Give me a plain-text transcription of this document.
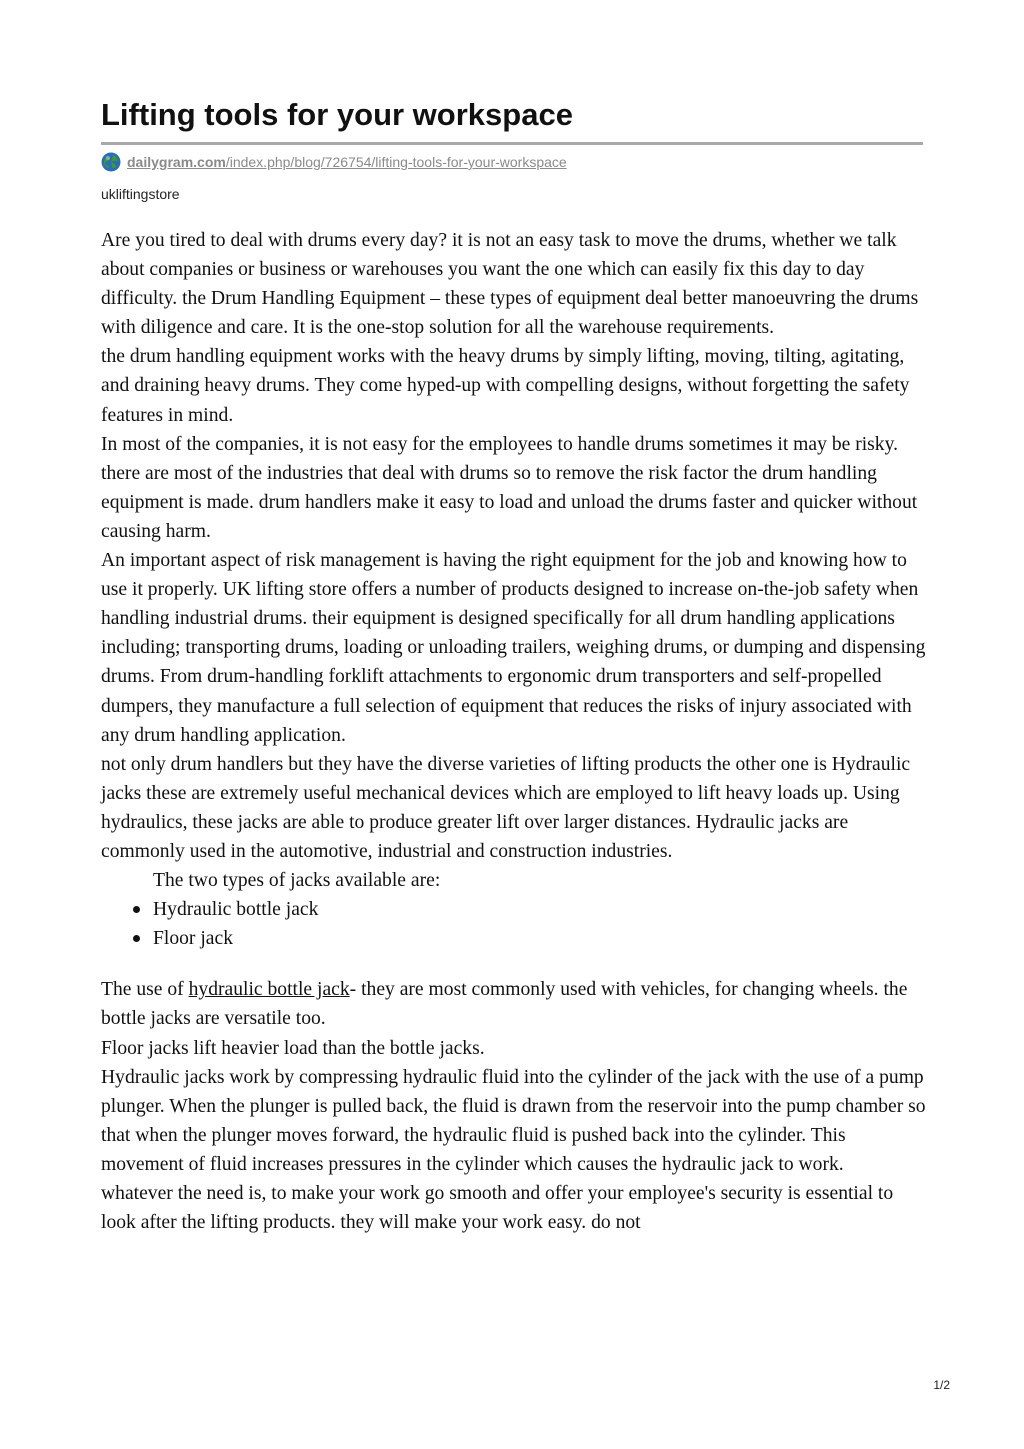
Lifting tools for your workspace
dailygram.com/index.php/blog/726754/lifting-tools-for-your-workspace
ukliftingstore

Are you tired to deal with drums every day? it is not an easy task to move the drums, whether we talk about companies or business or warehouses you want the one which can easily fix this day to day difficulty. the Drum Handling Equipment – these types of equipment deal better manoeuvring the drums with diligence and care. It is the one-stop solution for all the warehouse requirements.

the drum handling equipment works with the heavy drums by simply lifting, moving, tilting, agitating, and draining heavy drums. They come hyped-up with compelling designs, without forgetting the safety features in mind.

In most of the companies, it is not easy for the employees to handle drums sometimes it may be risky. there are most of the industries that deal with drums so to remove the risk factor the drum handling equipment is made. drum handlers make it easy to load and unload the drums faster and quicker without causing harm.

An important aspect of risk management is having the right equipment for the job and knowing how to use it properly. UK lifting store offers a number of products designed to increase on-the-job safety when handling industrial drums. their equipment is designed specifically for all drum handling applications including; transporting drums, loading or unloading trailers, weighing drums, or dumping and dispensing drums. From drum-handling forklift attachments to ergonomic drum transporters and self-propelled dumpers, they manufacture a full selection of equipment that reduces the risks of injury associated with any drum handling application.

not only drum handlers but they have the diverse varieties of lifting products the other one is Hydraulic jacks these are extremely useful mechanical devices which are employed to lift heavy loads up. Using hydraulics, these jacks are able to produce greater lift over larger distances. Hydraulic jacks are commonly used in the automotive, industrial and construction industries.

The two types of jacks available are:

Hydraulic bottle jack
Floor jack

The use of hydraulic bottle jack- they are most commonly used with vehicles, for changing wheels. the bottle jacks are versatile too.

Floor jacks lift heavier load than the bottle jacks.

Hydraulic jacks work by compressing hydraulic fluid into the cylinder of the jack with the use of a pump plunger. When the plunger is pulled back, the fluid is drawn from the reservoir into the pump chamber so that when the plunger moves forward, the hydraulic fluid is pushed back into the cylinder. This movement of fluid increases pressures in the cylinder which causes the hydraulic jack to work.

whatever the need is, to make your work go smooth and offer your employee's security is essential to look after the lifting products. they will make your work easy. do not

1/2
